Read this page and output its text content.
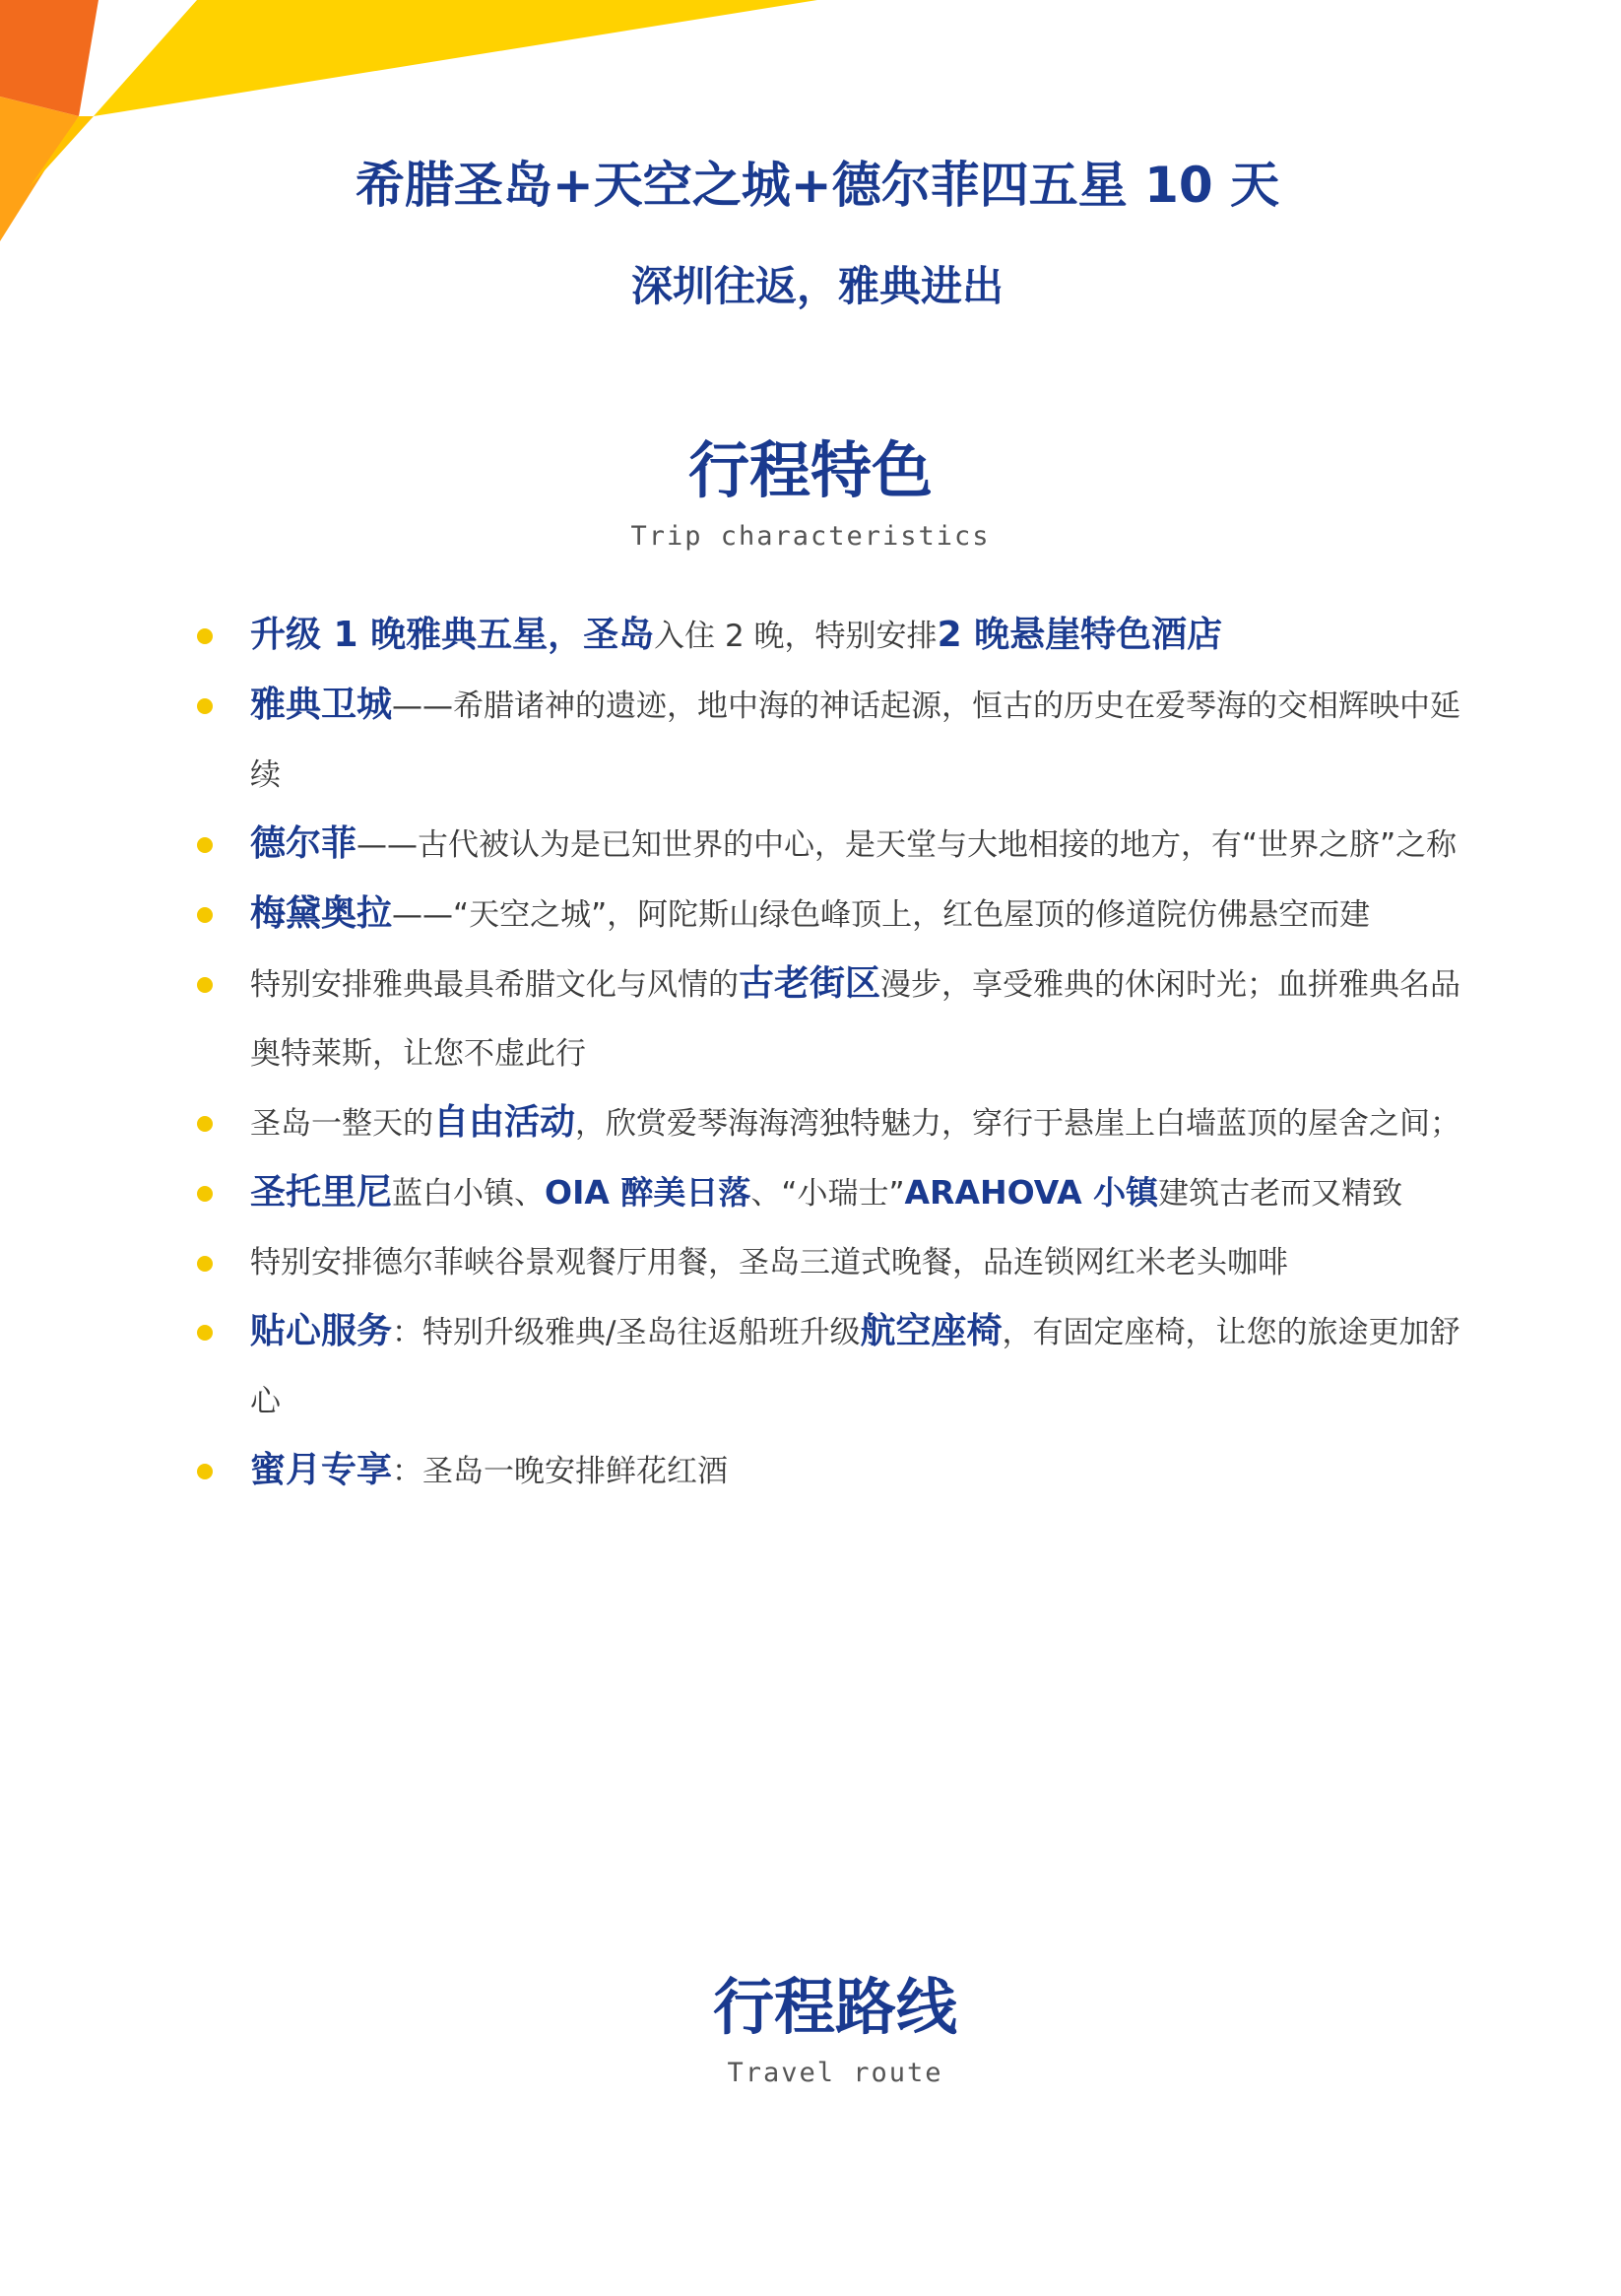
希腊圣岛+天空之城+德尔菲四五星 10 天
深圳往返，雅典进出
行程特色
Trip characteristics
升级 1 晚雅典五星，圣岛入住 2 晚，特别安排2 晚悬崖特色酒店
雅典卫城——希腊诸神的遗迹，地中海的神话起源，恒古的历史在爱琴海的交相辉映中延续
德尔菲——古代被认为是已知世界的中心，是天堂与大地相接的地方，有“世界之脐”之称
梅黛奥拉——“天空之城”，阿陀斯山绿色峰顶上，红色屋顶的修道院仿佛悬空而建
特别安排雅典最具希腊文化与风情的古老街区漫步，享受雅典的休闲时光；血拼雅典名品奥特莱斯，让您不虚此行
圣岛一整天的自由活动，欣赏爱琴海海湾独特魅力，穿行于悬崖上白墙蓝顶的屋舍之间；
圣托里尼蓝白小镇、OIA 醉美日落、“小瑞士”ARAHOVA 小镇建筑古老而又精致
特别安排德尔菲峡谷景观餐厅用餐，圣岛三道式晚餐，品连锁网红米老头咖啡
贴心服务：特别升级雅典/圣岛往返船班升级航空座椅，有固定座椅，让您的旅途更加舒心
蜜月专享：圣岛一晚安排鲜花红酒
行程路线
Travel route
